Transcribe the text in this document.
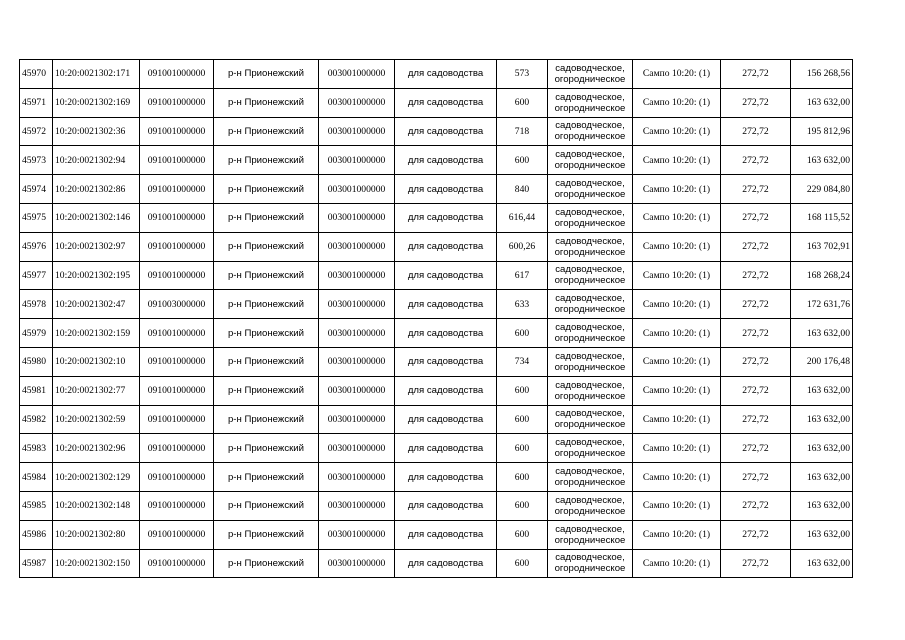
45970	10:20:0021302:171	091001000000	р-н Прионежский	003001000000	для садоводства	573	садоводческое,
огородническое	Сампо 10:20: (1)	272,72	156 268,56
45971	10:20:0021302:169	091001000000	р-н Прионежский	003001000000	для садоводства	600	садоводческое,
огородническое	Сампо 10:20: (1)	272,72	163 632,00
45972	10:20:0021302:36	091001000000	р-н Прионежский	003001000000	для садоводства	718	садоводческое,
огородническое	Сампо 10:20: (1)	272,72	195 812,96
45973	10:20:0021302:94	091001000000	р-н Прионежский	003001000000	для садоводства	600	садоводческое,
огородническое	Сампо 10:20: (1)	272,72	163 632,00
45974	10:20:0021302:86	091001000000	р-н Прионежский	003001000000	для садоводства	840	садоводческое,
огородническое	Сампо 10:20: (1)	272,72	229 084,80
45975	10:20:0021302:146	091001000000	р-н Прионежский	003001000000	для садоводства	616,44	садоводческое,
огородническое	Сампо 10:20: (1)	272,72	168 115,52
45976	10:20:0021302:97	091001000000	р-н Прионежский	003001000000	для садоводства	600,26	садоводческое,
огородническое	Сампо 10:20: (1)	272,72	163 702,91
45977	10:20:0021302:195	091001000000	р-н Прионежский	003001000000	для садоводства	617	садоводческое,
огородническое	Сампо 10:20: (1)	272,72	168 268,24
45978	10:20:0021302:47	091003000000	р-н Прионежский	003001000000	для садоводства	633	садоводческое,
огородническое	Сампо 10:20: (1)	272,72	172 631,76
45979	10:20:0021302:159	091001000000	р-н Прионежский	003001000000	для садоводства	600	садоводческое,
огородническое	Сампо 10:20: (1)	272,72	163 632,00
45980	10:20:0021302:10	091001000000	р-н Прионежский	003001000000	для садоводства	734	садоводческое,
огородническое	Сампо 10:20: (1)	272,72	200 176,48
45981	10:20:0021302:77	091001000000	р-н Прионежский	003001000000	для садоводства	600	садоводческое,
огородническое	Сампо 10:20: (1)	272,72	163 632,00
45982	10:20:0021302:59	091001000000	р-н Прионежский	003001000000	для садоводства	600	садоводческое,
огородническое	Сампо 10:20: (1)	272,72	163 632,00
45983	10:20:0021302:96	091001000000	р-н Прионежский	003001000000	для садоводства	600	садоводческое,
огородническое	Сампо 10:20: (1)	272,72	163 632,00
45984	10:20:0021302:129	091001000000	р-н Прионежский	003001000000	для садоводства	600	садоводческое,
огородническое	Сампо 10:20: (1)	272,72	163 632,00
45985	10:20:0021302:148	091001000000	р-н Прионежский	003001000000	для садоводства	600	садоводческое,
огородническое	Сампо 10:20: (1)	272,72	163 632,00
45986	10:20:0021302:80	091001000000	р-н Прионежский	003001000000	для садоводства	600	садоводческое,
огородническое	Сампо 10:20: (1)	272,72	163 632,00
45987	10:20:0021302:150	091001000000	р-н Прионежский	003001000000	для садоводства	600	садоводческое,
огородническое	Сампо 10:20: (1)	272,72	163 632,00
